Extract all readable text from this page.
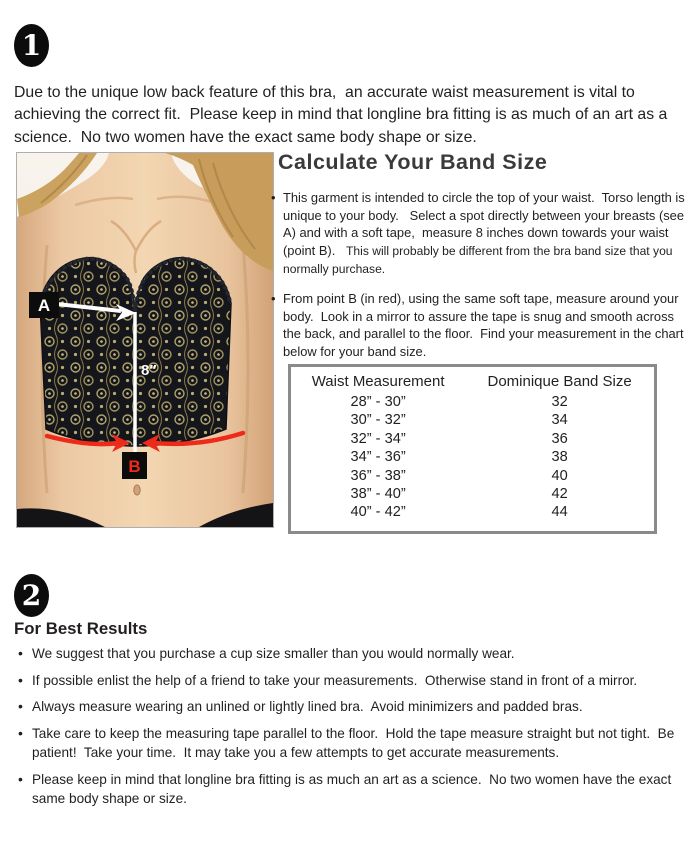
1

Due to the unique low back feature of this bra,  an accurate waist measurement is vital to achieving the correct fit.  Please keep in mind that longline bra fitting is as much of an art as a science.  No two women have the exact same body shape or size.

A
8″
B
Calculate Your Band Size
• This garment is intended to circle the top of your waist.  Torso length is unique to your body.   Select a spot directly between your breasts (see A) and with a soft tape,  measure 8 inches down towards your waist (point B).   This will probably be different from the bra band size that you normally purchase.
• From point B (in red), using the same soft tape, measure around your body.  Look in a mirror to assure the tape is snug and smooth across the back, and parallel to the floor.  Find your measurement in the chart below for your band size.
Waist Measurement	Dominique Band Size
28” - 30”	32
30” - 32”	34
32” - 34”	36
34” - 36”	38
36” - 38”	40
38” - 40”	42
40” - 42”	44
2
For Best Results
• We suggest that you purchase a cup size smaller than you would normally wear.
• If possible enlist the help of a friend to take your measurements.  Otherwise stand in front of a mirror.
• Always measure wearing an unlined or lightly lined bra.  Avoid minimizers and padded bras.
• Take care to keep the measuring tape parallel to the floor.  Hold the tape measure straight but not tight.  Be patient!  Take your time.  It may take you a few attempts to get accurate measurements.
• Please keep in mind that longline bra fitting is as much an art as a science.  No two women have the exact same body shape or size.
